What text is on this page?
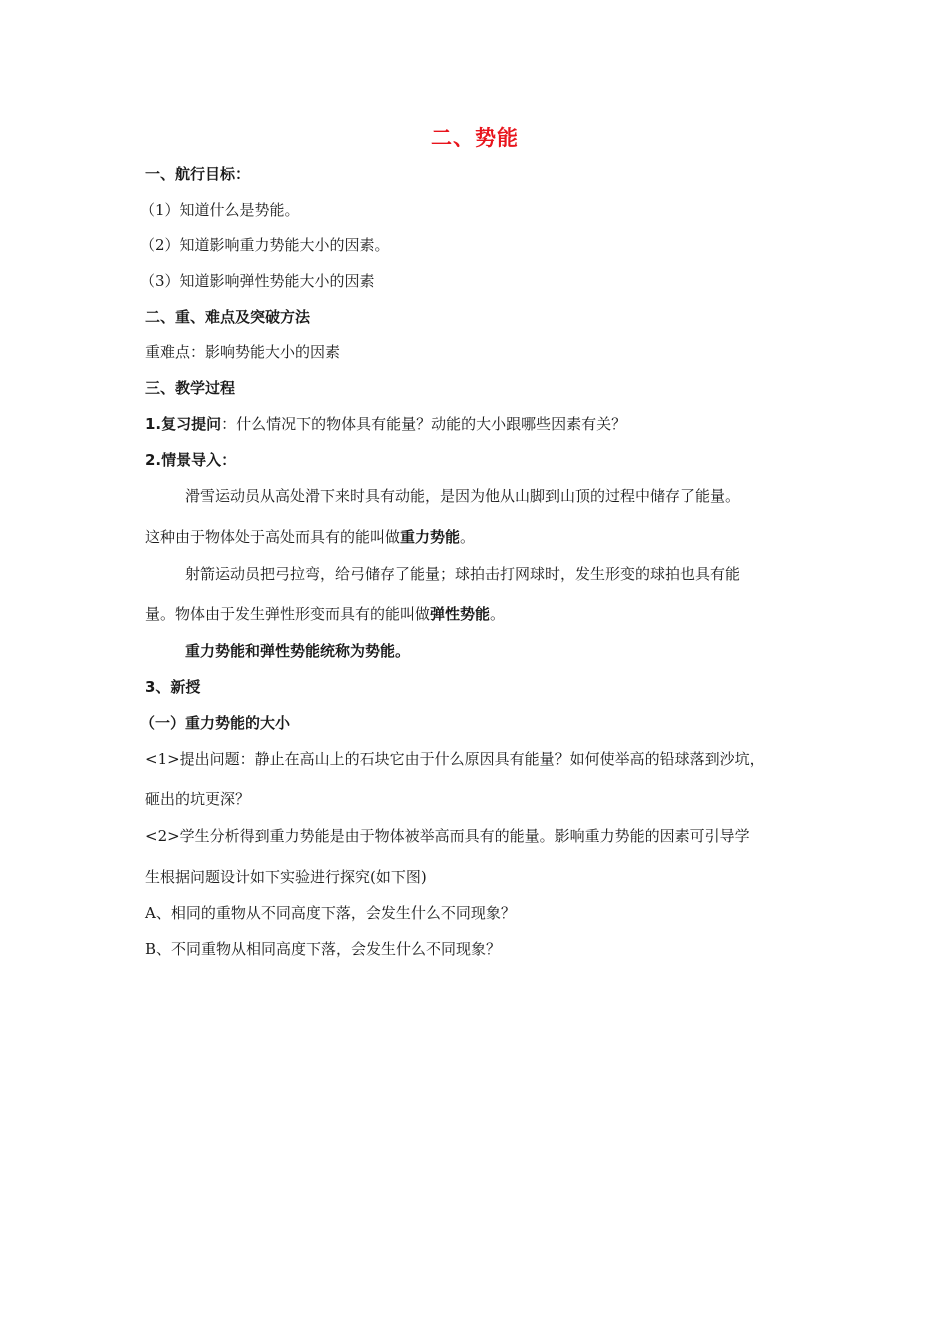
二、势能
一、航行目标：
（1）知道什么是势能。
（2）知道影响重力势能大小的因素。
（3）知道影响弹性势能大小的因素
二、重、难点及突破方法
重难点：影响势能大小的因素
三、教学过程
1.复习提问：什么情况下的物体具有能量？动能的大小跟哪些因素有关？
2.情景导入：
滑雪运动员从高处滑下来时具有动能，是因为他从山脚到山顶的过程中储存了能量。
这种由于物体处于高处而具有的能叫做重力势能。
射箭运动员把弓拉弯，给弓储存了能量；球拍击打网球时，发生形变的球拍也具有能
量。物体由于发生弹性形变而具有的能叫做弹性势能。
重力势能和弹性势能统称为势能。
3、新授
（一）重力势能的大小
<1>提出问题：静止在高山上的石块它由于什么原因具有能量？如何使举高的铅球落到沙坑，
砸出的坑更深？
<2>学生分析得到重力势能是由于物体被举高而具有的能量。影响重力势能的因素可引导学
生根据问题设计如下实验进行探究(如下图)
A、相同的重物从不同高度下落，会发生什么不同现象？
B、不同重物从相同高度下落，会发生什么不同现象？
